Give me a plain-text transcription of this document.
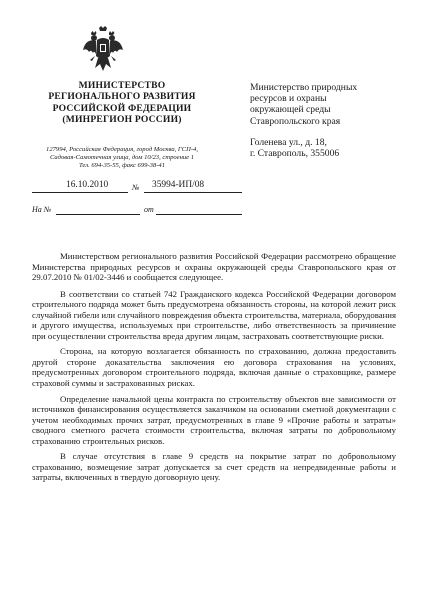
МИНИСТЕРСТВО
РЕГИОНАЛЬНОГО РАЗВИТИЯ
РОССИЙСКОЙ ФЕДЕРАЦИИ
(МИНРЕГИОН РОССИИ)
127994, Российская Федерация, город Москва, ГСП-4,
Садовая-Самотечная улица, дом 10/23, строение 1
Тел. 694-35-55, факс 699-38-41
16.10.2010	№ 35994-ИП/08
На №	от
Министерство природных
ресурсов и охраны
окружающей среды
Ставропольского края
Голенева ул., д. 18,
г. Ставрополь, 355006

Министерством регионального развития Российской Федерации рассмотрено обращение Министерства природных ресурсов и охраны окружающей среды Ставропольского края от 29.07.2010 № 01/02-3446 и сообщается следующее.

В соответствии со статьей 742 Гражданского кодекса Российской Федерации договором строительного подряда может быть предусмотрена обязанность стороны, на которой лежит риск случайной гибели или случайного повреждения объекта строительства, материала, оборудования и другого имущества, используемых при строительстве, либо ответственность за причинение при осуществлении строительства вреда другим лицам, застраховать соответствующие риски.

Сторона, на которую возлагается обязанность по страхованию, должна предоставить другой стороне доказательства заключения ею договора страхования на условиях, предусмотренных договором строительного подряда, включая данные о страховщике, размере страховой суммы и застрахованных рисках.

Определение начальной цены контракта по строительству объектов вне зависимости от источников финансирования осуществляется заказчиком на основании сметной документации с учетом необходимых прочих затрат, предусмотренных в главе 9 «Прочие работы и затраты» сводного сметного расчета стоимости строительства, включая затраты по добровольному страхованию строительных рисков.

В случае отсутствия в главе 9 средств на покрытие затрат по добровольному страхованию, возмещение затрат допускается за счет средств на непредвиденные работы и затраты, включенных в твердую договорную цену.
